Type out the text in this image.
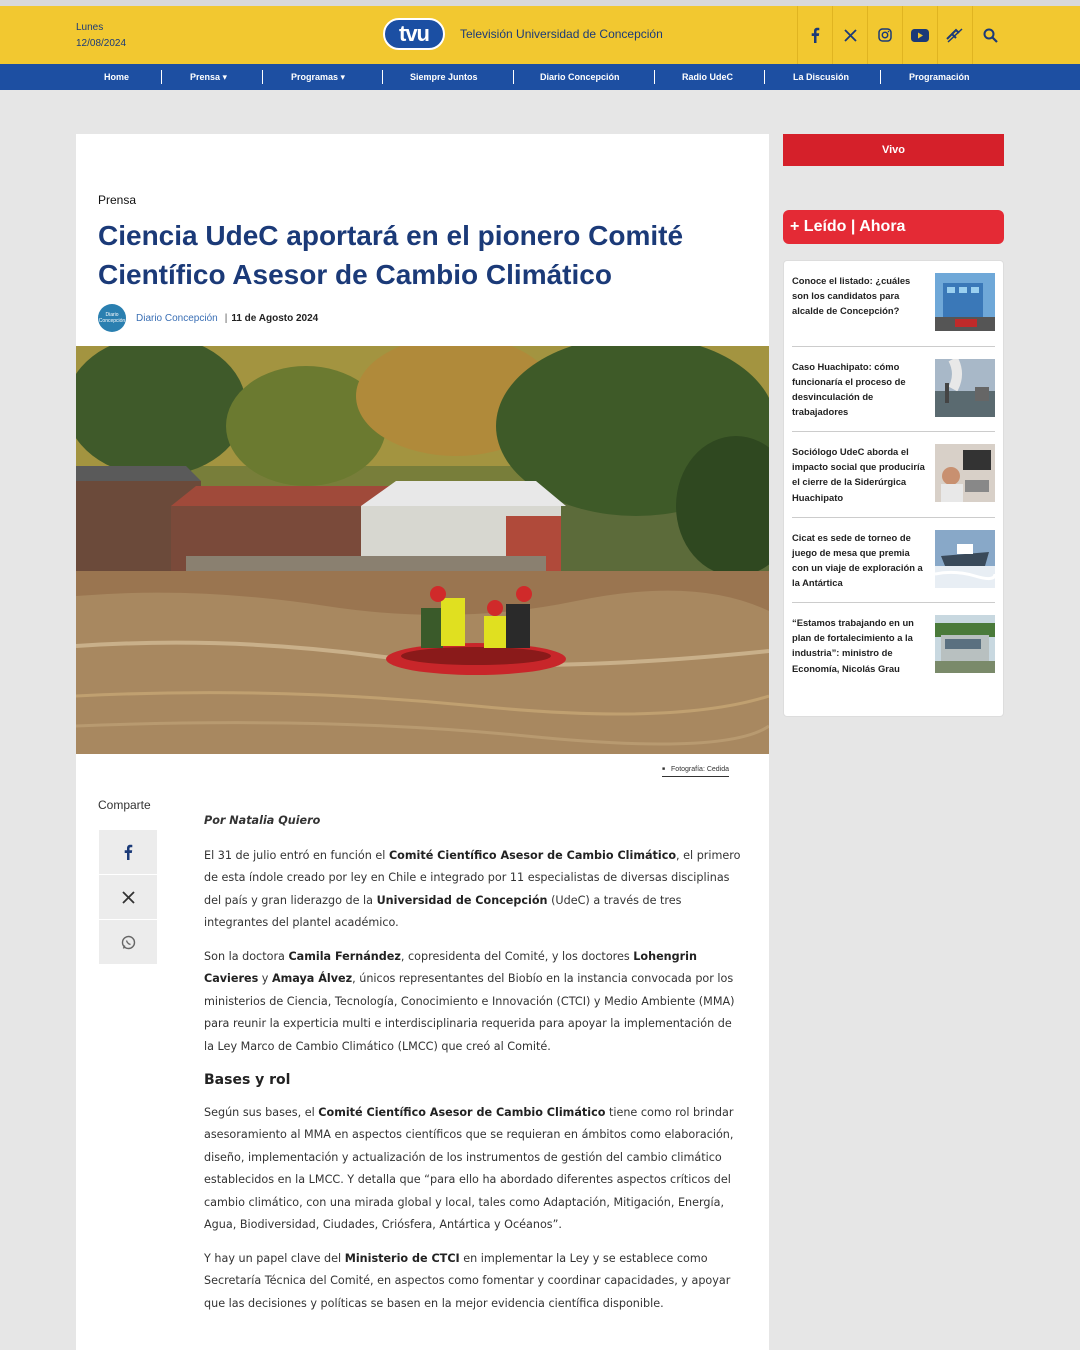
Lunes
12/08/2024	tvu	Televisión Universidad de Concepción
Home	Prensa ▾	Programas ▾	Siempre Juntos	Diario Concepción	Radio UdeC	La Discusión	Programación
Prensa
Ciencia UdeC aportará en el pionero Comité Científico Asesor de Cambio Climático
Diario Concepción Diario Concepción | 11 de Agosto 2024
■ Fotografía: Cedida
Comparte

Por Natalia Quiero

El 31 de julio entró en función el Comité Científico Asesor de Cambio Climático, el primero de esta índole creado por ley en Chile e integrado por 11 especialistas de diversas disciplinas del país y gran liderazgo de la Universidad de Concepción (UdeC) a través de tres integrantes del plantel académico.

Son la doctora Camila Fernández, copresidenta del Comité, y los doctores Lohengrin Cavieres y Amaya Álvez, únicos representantes del Biobío en la instancia convocada por los ministerios de Ciencia, Tecnología, Conocimiento e Innovación (CTCI) y Medio Ambiente (MMA) para reunir la experticia multi e interdisciplinaria requerida para apoyar la implementación de la Ley Marco de Cambio Climático (LMCC) que creó al Comité.

Bases y rol

Según sus bases, el Comité Científico Asesor de Cambio Climático tiene como rol brindar asesoramiento al MMA en aspectos científicos que se requieran en ámbitos como elaboración, diseño, implementación y actualización de los instrumentos de gestión del cambio climático establecidos en la LMCC. Y detalla que “para ello ha abordado diferentes aspectos críticos del cambio climático, con una mirada global y local, tales como Adaptación, Mitigación, Energía, Agua, Biodiversidad, Ciudades, Criósfera, Antártica y Océanos”.

Y hay un papel clave del Ministerio de CTCI en implementar la Ley y se establece como Secretaría Técnica del Comité, en aspectos como fomentar y coordinar capacidades, y apoyar que las decisiones y políticas se basen en la mejor evidencia científica disponible.

Vivo
+ Leído | Ahora
Conoce el listado: ¿cuáles son los candidatos para alcalde de Concepción?
Caso Huachipato: cómo funcionaría el proceso de desvinculación de trabajadores
Sociólogo UdeC aborda el impacto social que produciría el cierre de la Siderúrgica Huachipato
Cicat es sede de torneo de juego de mesa que premia con un viaje de exploración a la Antártica
“Estamos trabajando en un plan de fortalecimiento a la industria”: ministro de Economía, Nicolás Grau
